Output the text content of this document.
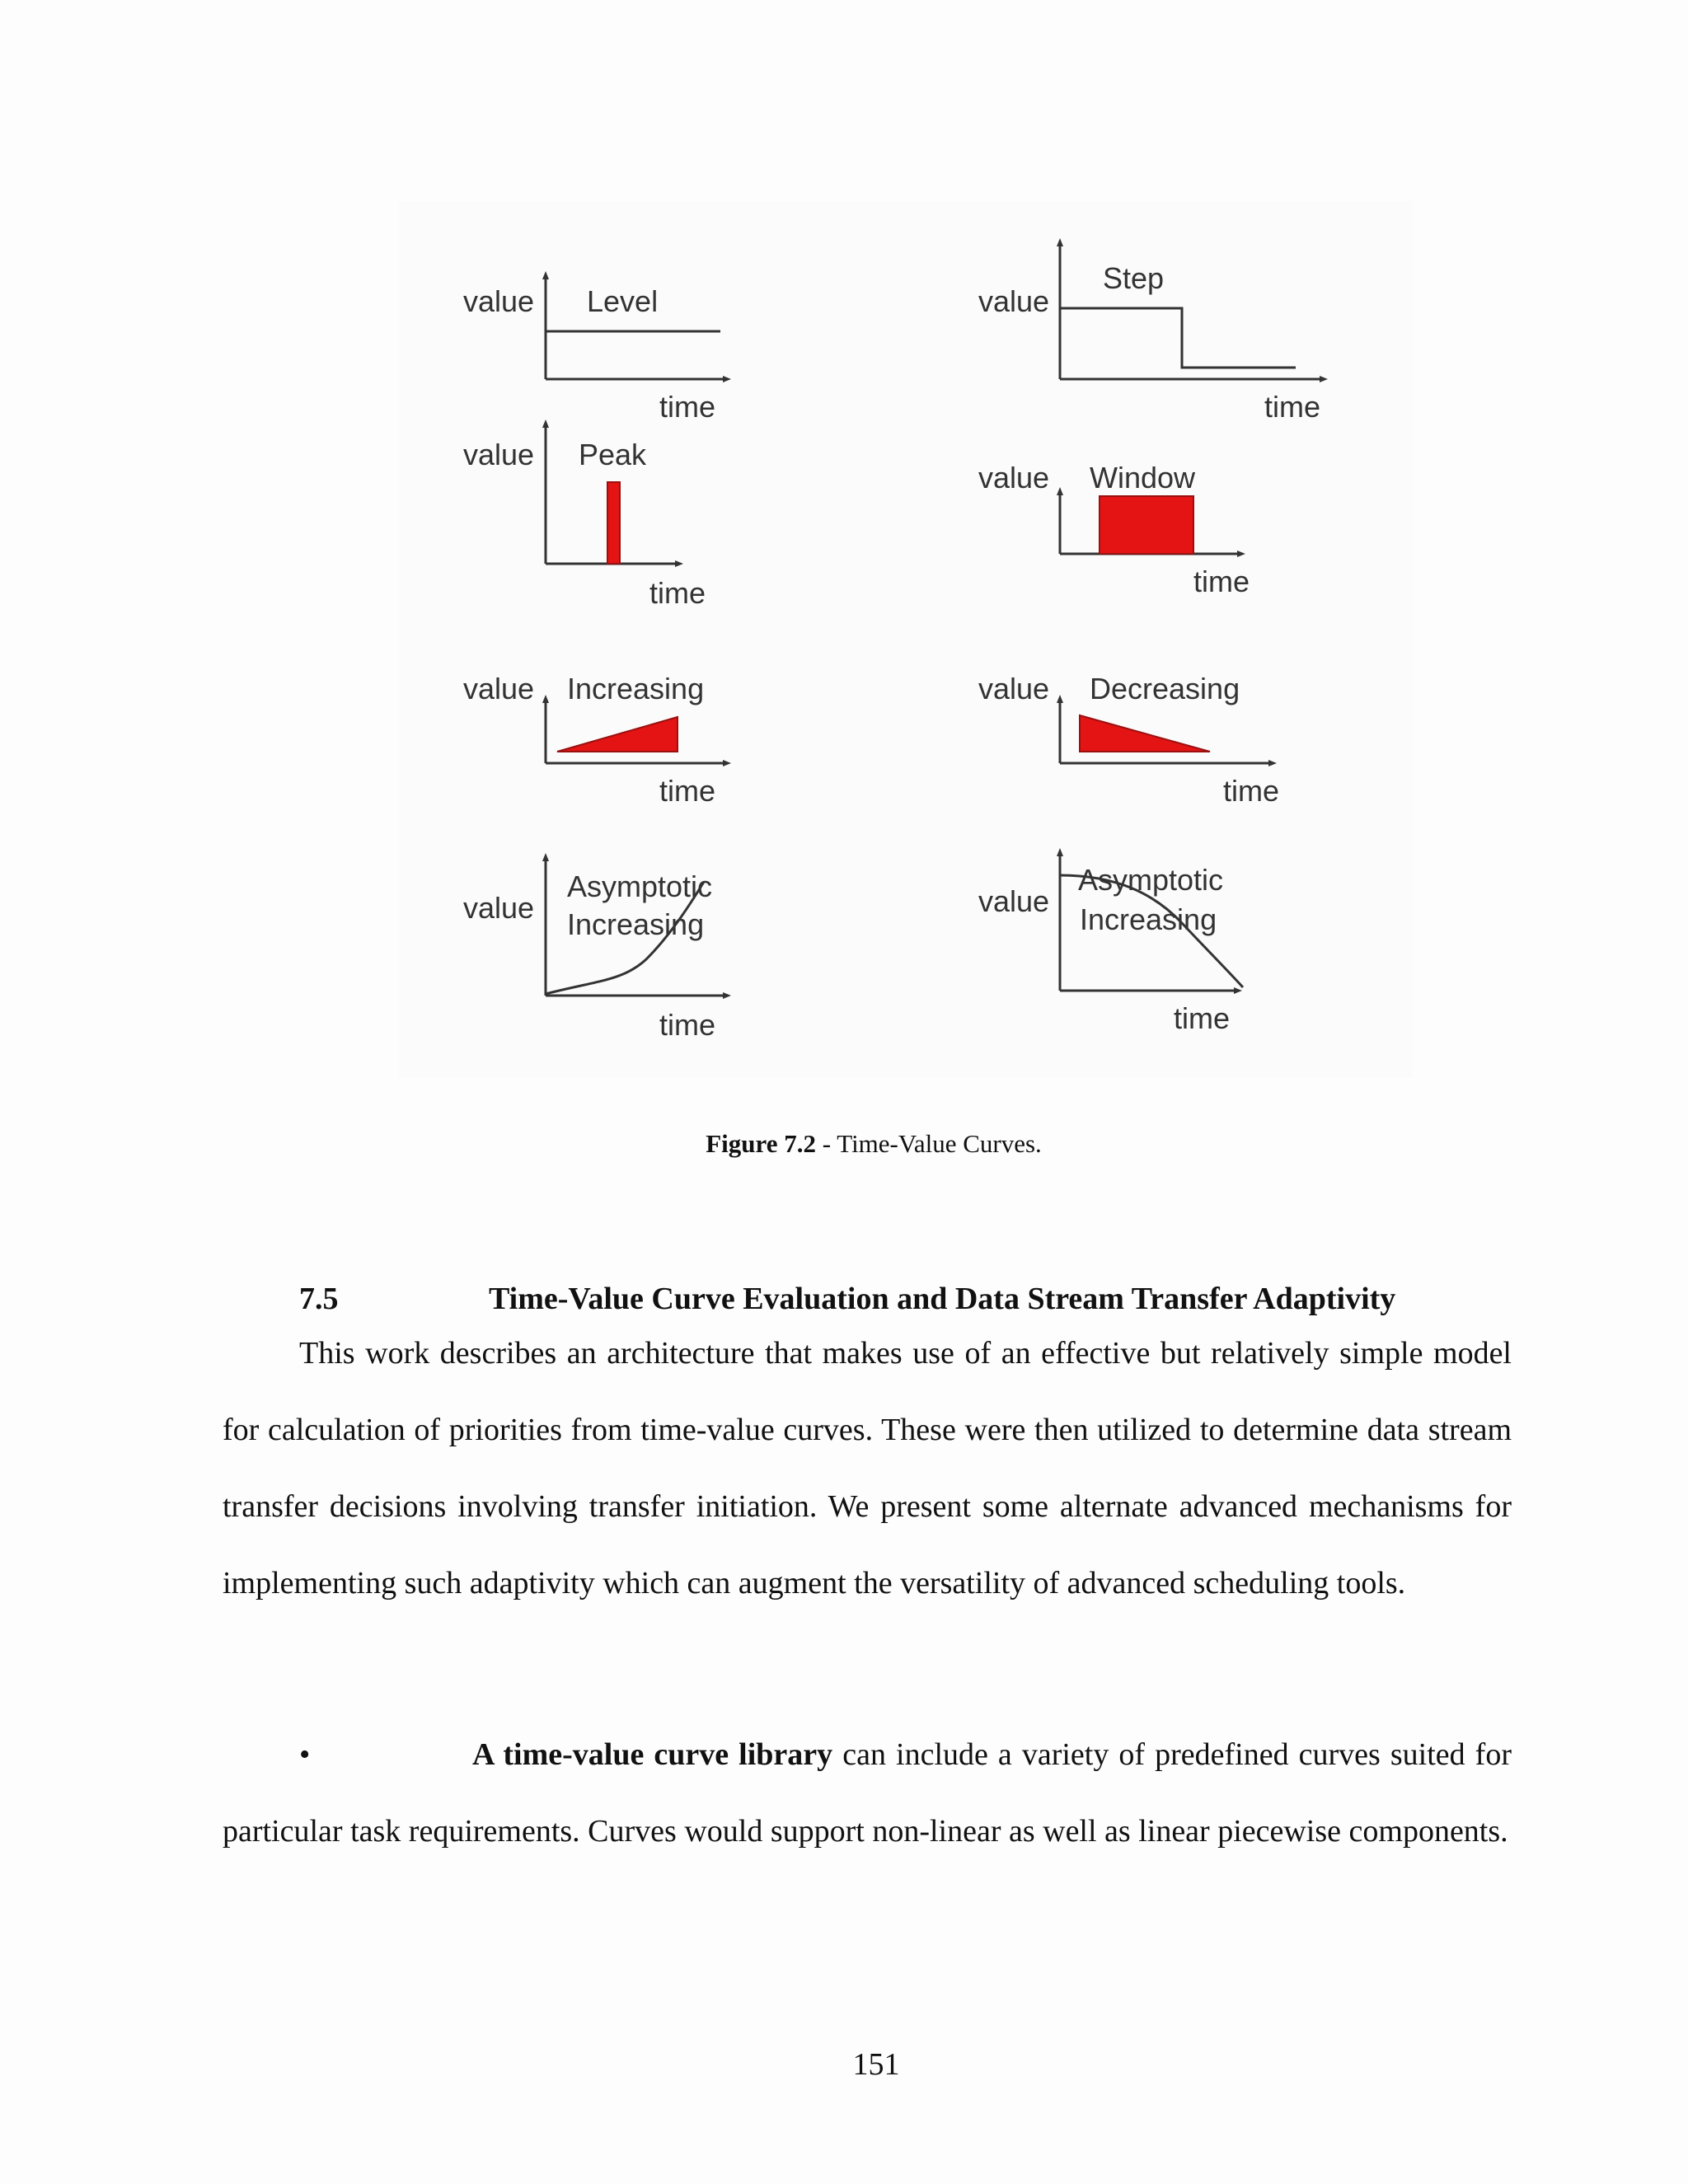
value Level
time
value
Step
time
value Peak
time
value Window
time
value Increasing
time
value Decreasing
time
value
Asymptotic
Increasing
time
value
Asymptotic
Increasing
time
Figure 7.2 - Time-Value Curves.
7.5	Time-Value Curve Evaluation and Data Stream Transfer Adaptivity

This work describes an architecture that makes use of an effective but relatively simple model for calculation of priorities from time-value curves. These were then utilized to determine data stream transfer decisions involving transfer initiation. We present some alternate advanced mechanisms for implementing such adaptivity which can augment the versatility of advanced scheduling tools.

•	A time-value curve library can include a variety of predefined curves suited for particular task requirements. Curves would support non-linear as well as linear piecewise components.

151
